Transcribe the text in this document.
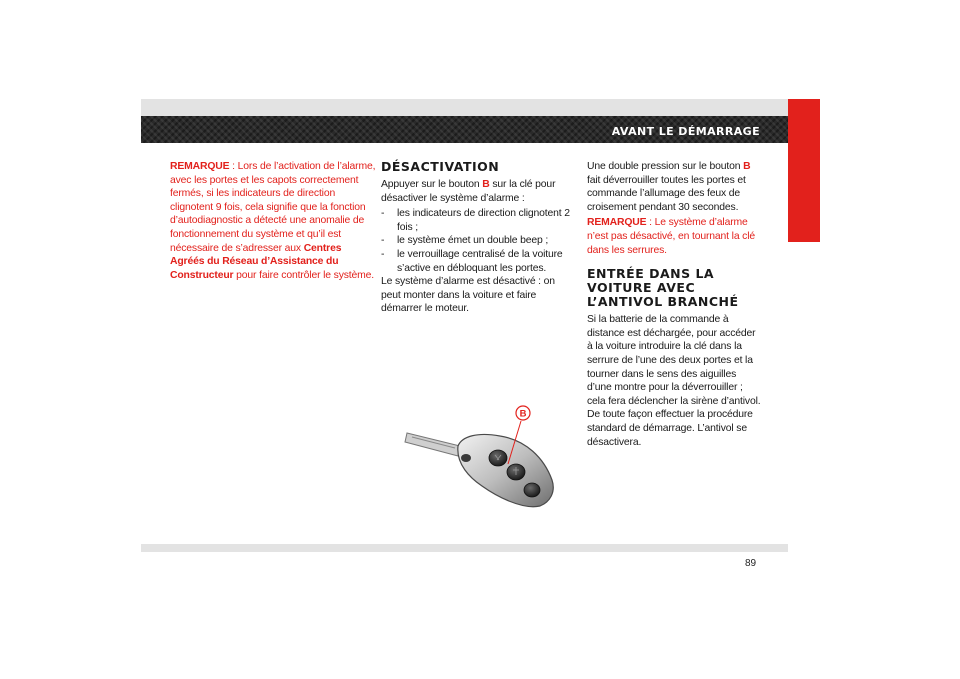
AVANT LE DÉMARRAGE
4

REMARQUE : Lors de l’activation de l’alarme, avec les portes et les capots correctement fermés, si les indicateurs de direction clignotent 9 fois, cela signifie que la fonction d’autodiagnostic a détecté une anomalie de fonctionnement du système et qu’il est nécessaire de s’adresser aux Centres Agréés du Réseau d’Assistance du Constructeur pour faire contrôler le système.

DÉSACTIVATION

Appuyer sur le bouton B sur la clé pour désactiver le système d’alarme :

- les indicateurs de direction clignotent 2 fois ;
- le système émet un double beep ;
- le verrouillage centralisé de la voiture s’active en débloquant les portes.

Le système d’alarme est désactivé : on peut monter dans la voiture et faire démarrer le moteur.

B

Une double pression sur le bouton B fait déverrouiller toutes les portes et commande l’allumage des feux de croisement pendant 30 secondes.

REMARQUE : Le système d’alarme n’est pas désactivé, en tournant la clé dans les serrures.

ENTRÉE DANS LA VOITURE AVEC L’ANTIVOL BRANCHÉ

Si la batterie de la commande à distance est déchargée, pour accéder à la voiture introduire la clé dans la serrure de l’une des deux portes et la tourner dans le sens des aiguilles d’une montre pour la déverrouiller ; cela fera déclencher la sirène d’antivol. De toute façon effectuer la procédure standard de démarrage. L’antivol se désactivera.

89
